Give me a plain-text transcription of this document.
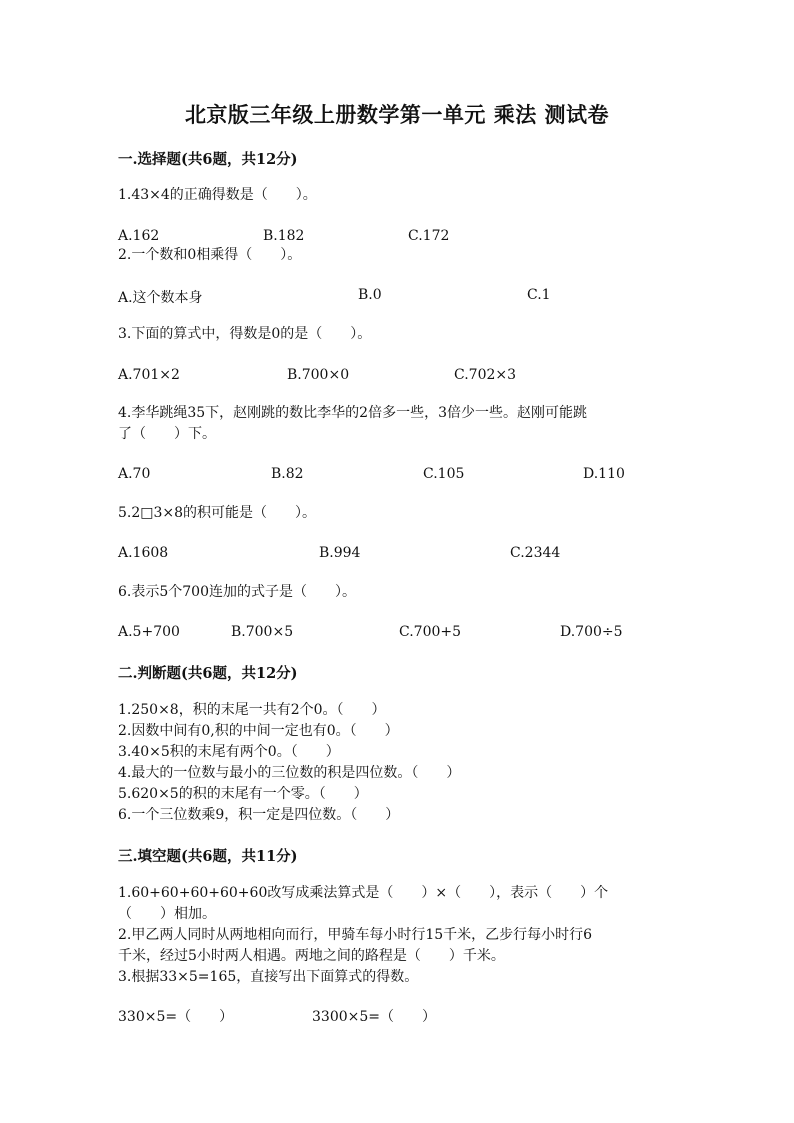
北京版三年级上册数学第一单元 乘法 测试卷
一.选择题(共6题，共12分)
1.43×4的正确得数是（　　）。
A.162	B.182	C.172
2.一个数和0相乘得（　　）。
A.这个数本身	B.0	C.1
3.下面的算式中，得数是0的是（　　）。
A.701×2	B.700×0	C.702×3
4.李华跳绳35下，赵刚跳的数比李华的2倍多一些，3倍少一些。赵刚可能跳
了（　　）下。
A.70	B.82	C.105	D.110
5.2□3×8的积可能是（　　）。
A.1608	B.994	C.2344
6.表示5个700连加的式子是（　　）。
A.5+700	B.700×5	C.700+5	D.700÷5
二.判断题(共6题，共12分)
1.250×8，积的末尾一共有2个0。（　　）
2.因数中间有0,积的中间一定也有0。（　　）
3.40×5积的末尾有两个0。（　　）
4.最大的一位数与最小的三位数的积是四位数。（　　）
5.620×5的积的末尾有一个零。（　　）
6.一个三位数乘9，积一定是四位数。（　　）
三.填空题(共6题，共11分)
1.60+60+60+60+60改写成乘法算式是（　　）×（　　），表示（　　）个
（　　）相加。
2.甲乙两人同时从两地相向而行，甲骑车每小时行15千米，乙步行每小时行6
千米，经过5小时两人相遇。两地之间的路程是（　　）千米。
3.根据33×5=165，直接写出下面算式的得数。
330×5=（　　）	3300×5=（　　）
